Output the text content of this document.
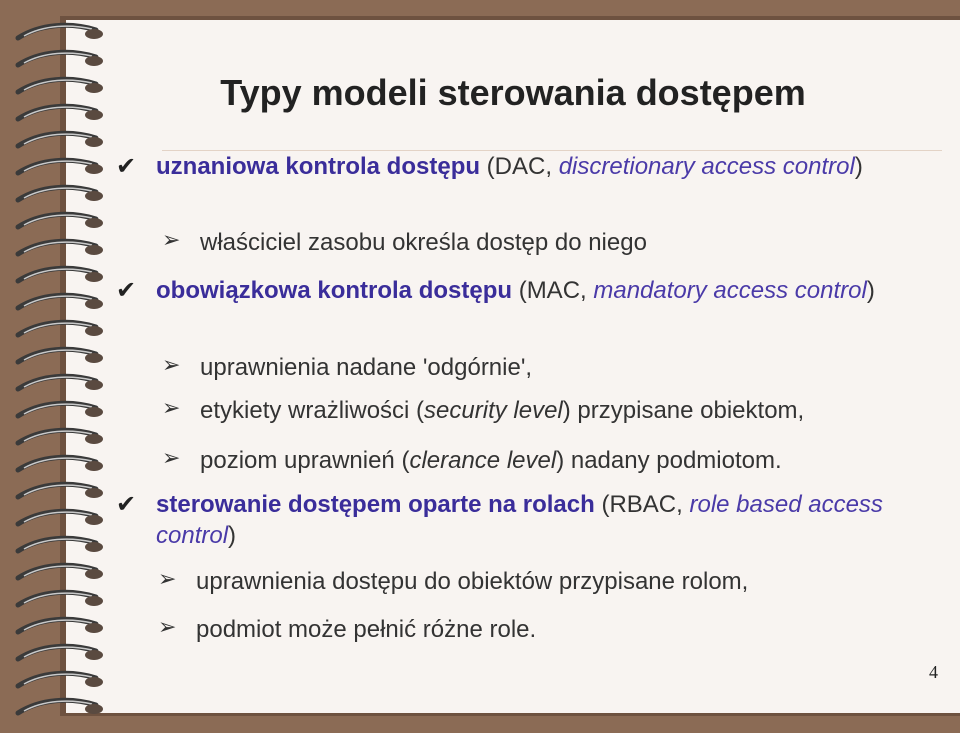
Typy modeli sterowania dostępem
✔ uznaniowa kontrola dostępu (DAC, discretionary access control)
➢ właściciel zasobu określa dostęp do niego
✔ obowiązkowa kontrola dostępu (MAC, mandatory access control)
➢ uprawnienia nadane 'odgórnie',
➢ etykiety wrażliwości (security level) przypisane obiektom,
➢ poziom uprawnień (clerance level) nadany podmiotom.
✔ sterowanie dostępem oparte na rolach (RBAC, role based access control)
➢ uprawnienia dostępu do obiektów przypisane rolom,
➢ podmiot może pełnić różne role.
4
